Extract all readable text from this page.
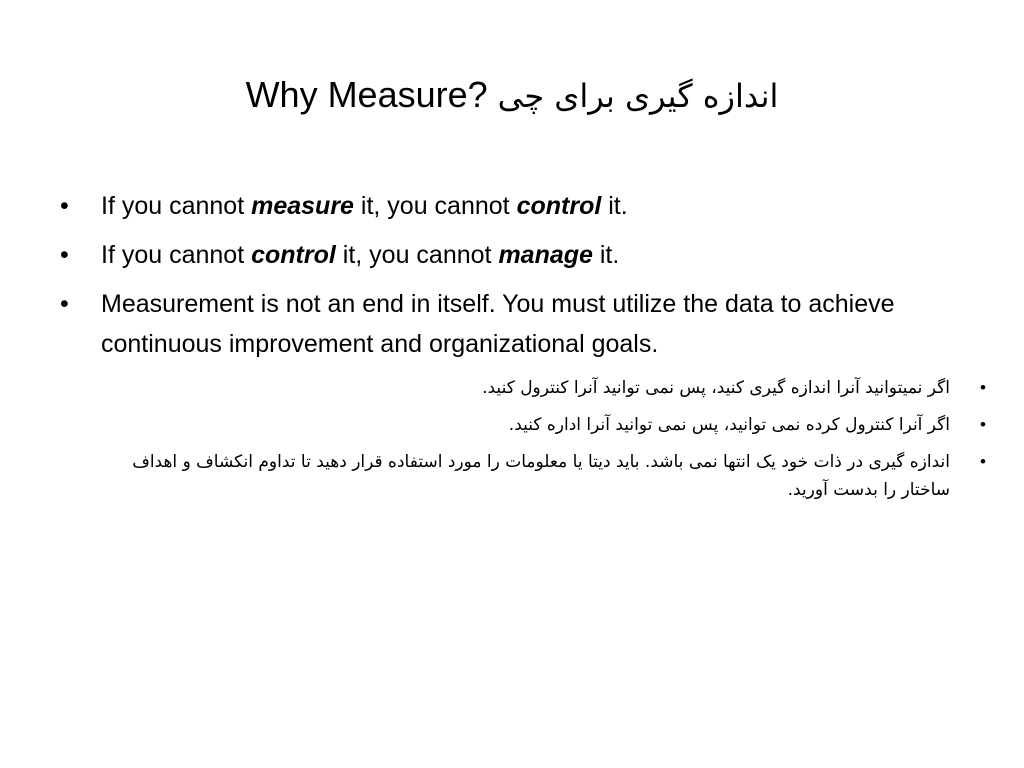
Why Measure? اندازه گیری برای چی
•	If you cannot measure it, you cannot control it.
•	If you cannot control it, you cannot manage it.
•	Measurement is not an end in itself. You must utilize the data to achieve continuous improvement and organizational goals.
•
اگر نمیتوانید آنرا اندازه گیری کنید، پس نمی توانید آنرا کنترول کنید.
•
اگر آنرا کنترول کرده نمی توانید، پس نمی توانید آنرا اداره کنید.
•
اندازه گیری در ذات خود یک انتها نمی باشد. باید دیتا یا معلومات را مورد استفاده قرار دهید تا تداوم انکشاف و اهداف ساختار را بدست آورید.
